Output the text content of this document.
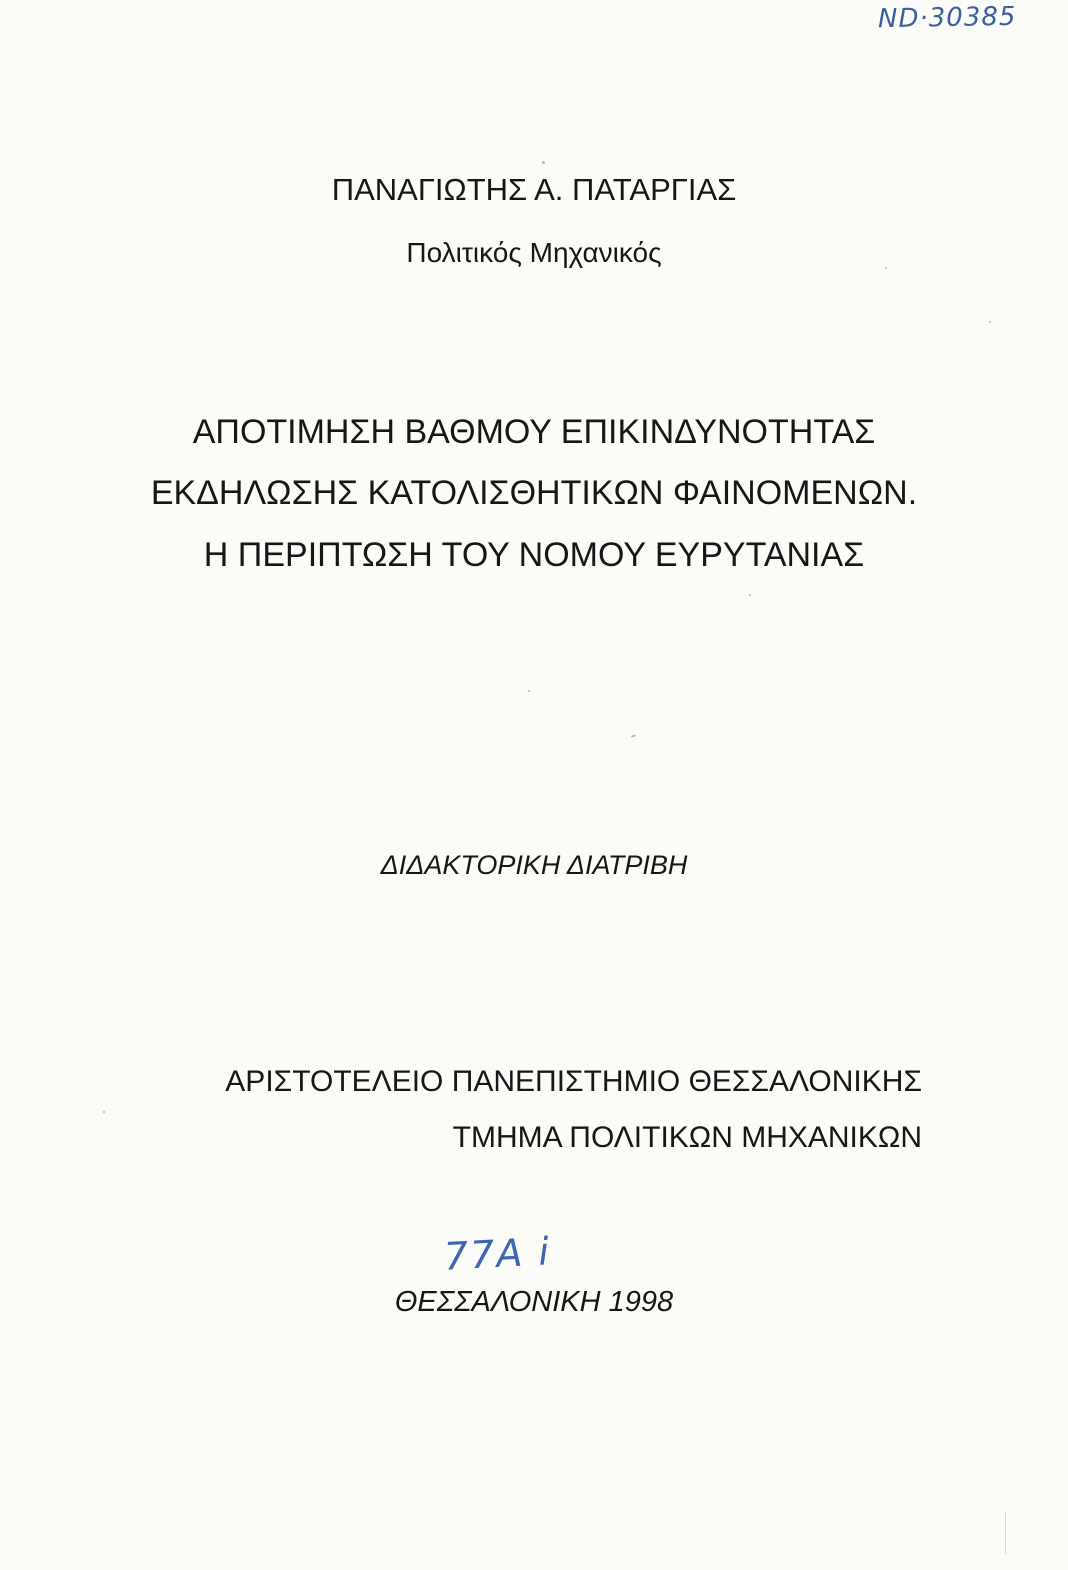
ND·30385
ΠΑΝΑΓΙΩΤΗΣ Α. ΠΑΤΑΡΓΙΑΣ
Πολιτικός Μηχανικός
ΑΠΟΤΙΜΗΣΗ ΒΑΘΜΟΥ ΕΠΙΚΙΝΔΥΝΟΤΗΤΑΣ
ΕΚΔΗΛΩΣΗΣ ΚΑΤΟΛΙΣΘΗΤΙΚΩΝ ΦΑΙΝΟΜΕΝΩΝ.
Η ΠΕΡΙΠΤΩΣΗ ΤΟΥ ΝΟΜΟΥ ΕΥΡΥΤΑΝΙΑΣ
ΔΙΔΑΚΤΟΡΙΚΗ ΔΙΑΤΡΙΒΗ
ΑΡΙΣΤΟΤΕΛΕΙΟ ΠΑΝΕΠΙΣΤΗΜΙΟ ΘΕΣΣΑΛΟΝΙΚΗΣ
ΤΜΗΜΑ ΠΟΛΙΤΙΚΩΝ ΜΗΧΑΝΙΚΩΝ
77A i
ΘΕΣΣΑΛΟΝΙΚΗ 1998
